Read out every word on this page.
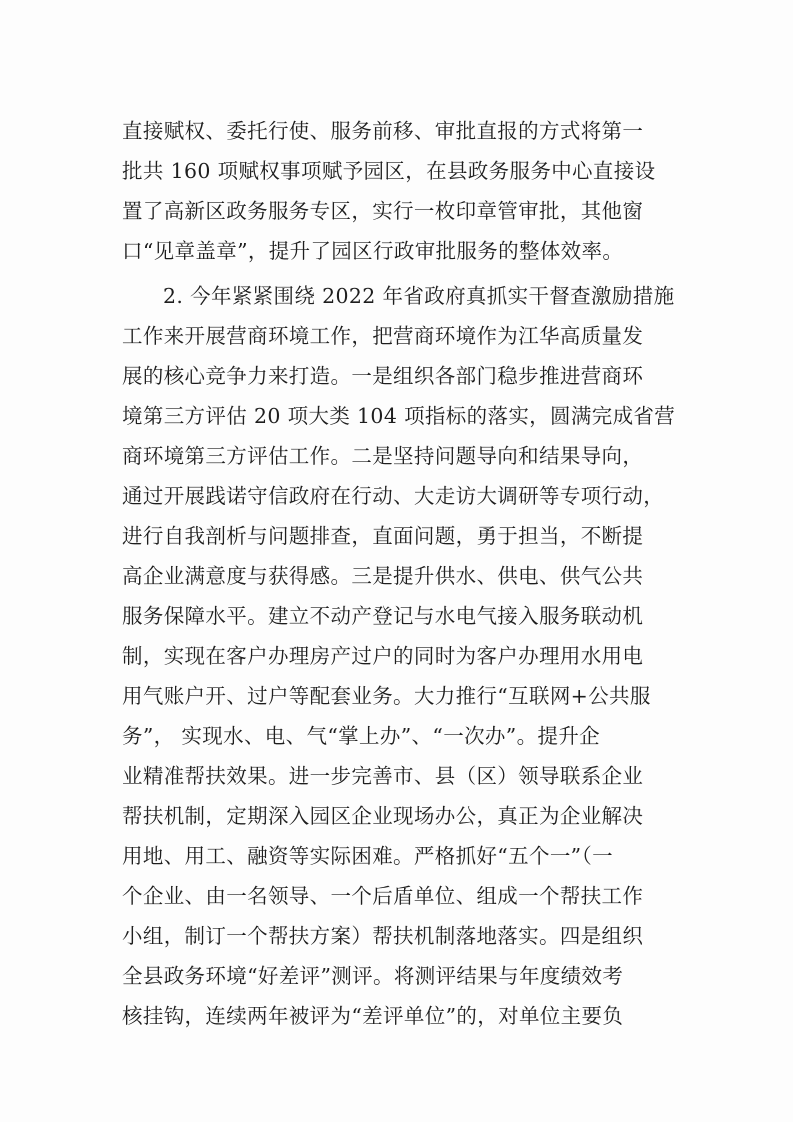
直接赋权、委托行使、服务前移、审批直报的方式将第一
批共 160 项赋权事项赋予园区，在县政务服务中心直接设
置了高新区政务服务专区，实行一枚印章管审批，其他窗
口“见章盖章”，提升了园区行政审批服务的整体效率。
2. 今年紧紧围绕 2022 年省政府真抓实干督查激励措施
工作来开展营商环境工作，把营商环境作为江华高质量发
展的核心竞争力来打造。一是组织各部门稳步推进营商环
境第三方评估 20 项大类 104 项指标的落实，圆满完成省营
商环境第三方评估工作。二是坚持问题导向和结果导向，
通过开展践诺守信政府在行动、大走访大调研等专项行动，
进行自我剖析与问题排查，直面问题，勇于担当，不断提
高企业满意度与获得感。三是提升供水、供电、供气公共
服务保障水平。建立不动产登记与水电气接入服务联动机
制，实现在客户办理房产过户的同时为客户办理用水用电
用气账户开、过户等配套业务。大力推行“互联网+公共服
务”， 实现水、电、气“掌上办”、“一次办”。提升企
业精准帮扶效果。进一步完善市、县（区）领导联系企业
帮扶机制，定期深入园区企业现场办公，真正为企业解决
用地、用工、融资等实际困难。严格抓好“五个一”（一
个企业、由一名领导、一个后盾单位、组成一个帮扶工作
小组，制订一个帮扶方案）帮扶机制落地落实。四是组织
全县政务环境“好差评”测评。将测评结果与年度绩效考
核挂钩，连续两年被评为“差评单位”的，对单位主要负
